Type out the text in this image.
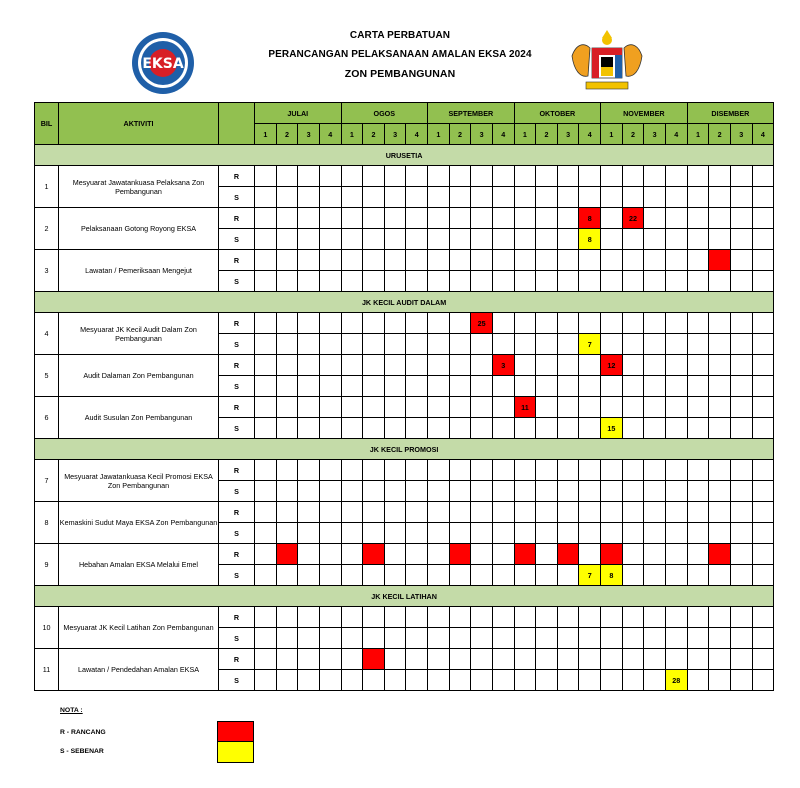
EKSA
CARTA PERBATUAN
PERANCANGAN PELAKSANAAN AMALAN EKSA 2024
ZON PEMBANGUNAN
BIL	AKTIVITI		JULAI				OGOS				SEPTEMBER				OKTOBER				NOVEMBER				DISEMBER			
			1	2	3	4	1	2	3	4	1	2	3	4	1	2	3	4	1	2	3	4	1	2	3	4
URUSETIA																										
1	Mesyuarat Jawatankuasa Pelaksana Zon Pembangunan	R																								
		S																								
2	Pelaksanaan Gotong Royong EKSA	R																8		22						
		S																8								
3	Lawatan / Pemeriksaan Mengejut	R																								
		S																								
JK KECIL AUDIT DALAM																										
4	Mesyuarat JK Kecil Audit Dalam Zon Pembangunan	R											25													
		S																7								
5	Audit Dalaman Zon Pembangunan	R												3					12							
		S																								
6	Audit Susulan Zon Pembangunan	R													11											
		S																	15							
JK KECIL PROMOSI																										
7	Mesyuarat Jawatankuasa Kecil Promosi EKSA Zon Pembangunan	R																								
		S																								
8	Kemaskini Sudut Maya EKSA Zon Pembangunan	R																								
		S																								
9	Hebahan Amalan EKSA Melalui Emel	R																								
		S																7	8							
JK KECIL LATIHAN																										
10	Mesyuarat JK Kecil Latihan Zon Pembangunan	R																								
		S																								
11	Lawatan / Pendedahan Amalan EKSA	R																								
		S																				28				
NOTA :
R - RANCANG
S - SEBENAR
